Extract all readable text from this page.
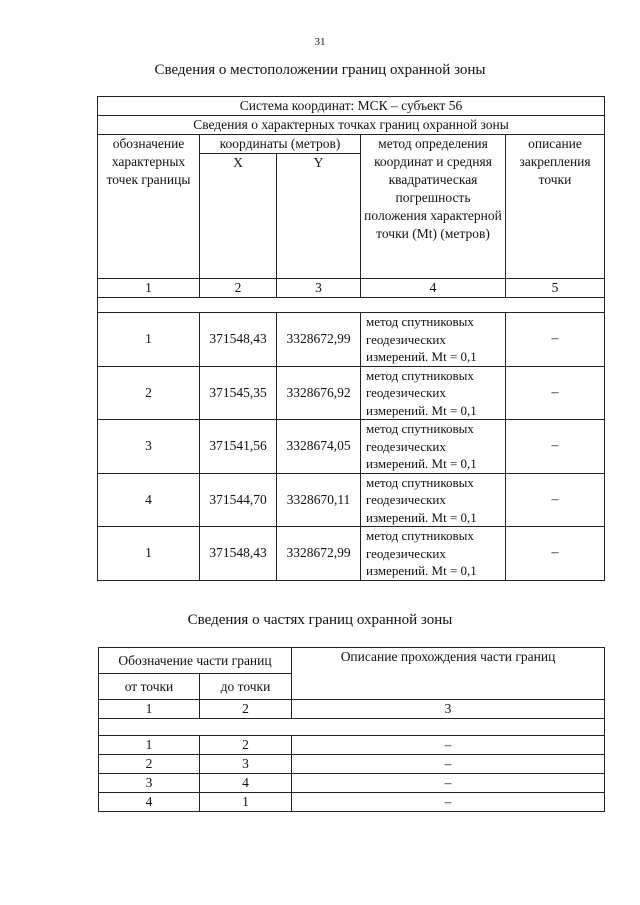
31
Сведения о местоположении границ охранной зоны
Система координат: МСК – субъект 56				
Сведения о характерных точках границ охранной зоны				
обозначение характерных точек границы	координаты (метров)		метод определения координат и средняя квадратическая погрешность положения характерной точки (Mt) (метров)	описание закрепления точки
	X	Y		
1	2	3	4	5

1	371548,43	3328672,99	метод спутниковых геодезических измерений. Mt = 0,1	–
2	371545,35	3328676,92	метод спутниковых геодезических измерений. Mt = 0,1	–
3	371541,56	3328674,05	метод спутниковых геодезических измерений. Mt = 0,1	–
4	371544,70	3328670,11	метод спутниковых геодезических измерений. Mt = 0,1	–
1	371548,43	3328672,99	метод спутниковых геодезических измерений. Mt = 0,1	–
Сведения о частях границ охранной зоны
Обозначение части границ		Описание прохождения части границ
от точки	до точки	
1	2	3

1	2	–
2	3	–
3	4	–
4	1	–
